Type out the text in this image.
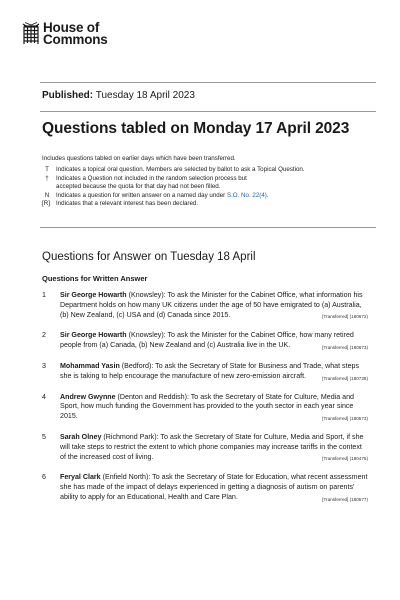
House of
Commons
Published: Tuesday 18 April 2023
Questions tabled on Monday 17 April 2023
Includes questions tabled on earlier days which have been transferred.
T	Indicates a topical oral question. Members are selected by ballot to ask a Topical Question.
†	Indicates a Question not included in the random selection process but
accepted because the quota for that day had not been filled.
N	Indicates a question for written answer on a named day under S.O. No. 22(4).
[R] Indicates that a relevant interest has been declared.
Questions for Answer on Tuesday 18 April
Questions for Written Answer
1	Sir George Howarth (Knowsley): To ask the Minister for the Cabinet Office, what information his Department holds on how many UK citizens under the age of 50 have emigrated to (a) Australia, (b) New Zealand, (c) USA and (d) Canada since 2015.	[Transferred] (180672)
2	Sir George Howarth (Knowsley): To ask the Minister for the Cabinet Office, how many retired people from (a) Canada, (b) New Zealand and (c) Australia live in the UK.	[Transferred] (180673)
3	Mohammad Yasin (Bedford): To ask the Secretary of State for Business and Trade, what steps she is taking to help encourage the manufacture of new zero-emission aircraft.	[Transferred] (180736)
4	Andrew Gwynne (Denton and Reddish): To ask the Secretary of State for Culture, Media and Sport, how much funding the Government has provided to the youth sector in each year since 2015.	[Transferred] (180573)
5	Sarah Olney (Richmond Park): To ask the Secretary of State for Culture, Media and Sport, if she will take steps to restrict the extent to which phone companies may increase tariffs in the context of the increased cost of living.	[Transferred] (180475)
6	Feryal Clark (Enfield North): To ask the Secretary of State for Education, what recent assessment she has made of the impact of delays experienced in getting a diagnosis of autism on parents' ability to apply for an Educational, Health and Care Plan.	[Transferred] (180577)
